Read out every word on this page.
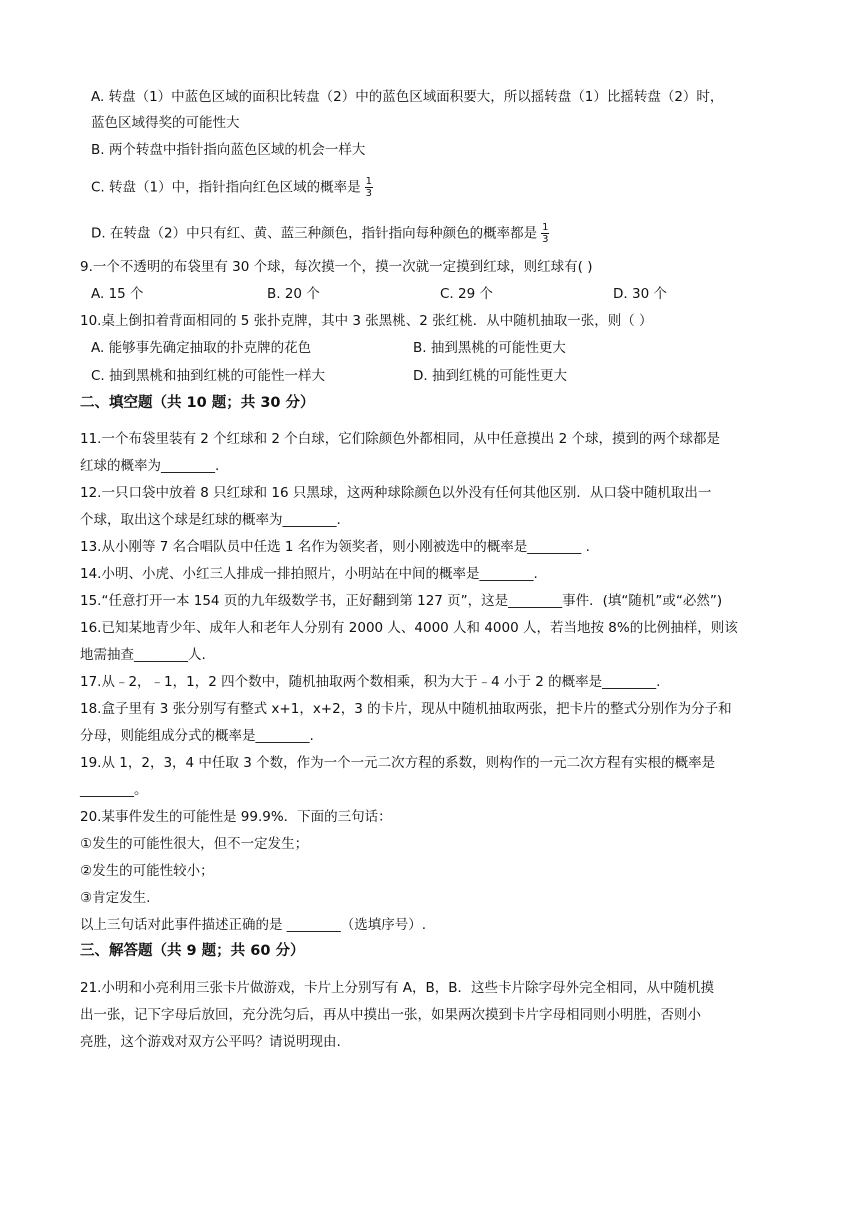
A. 转盘（1）中蓝色区域的面积比转盘（2）中的蓝色区域面积要大，所以摇转盘（1）比摇转盘（2）时，
蓝色区域得奖的可能性大
B. 两个转盘中指针指向蓝色区域的机会一样大
C. 转盘（1）中，指针指向红色区域的概率是 $\frac{1}{3}$
D. 在转盘（2）中只有红、黄、蓝三种颜色，指针指向每种颜色的概率都是 $\frac{1}{3}$
9.一个不透明的布袋里有 30 个球，每次摸一个，摸一次就一定摸到红球，则红球有( )
A. 15 个	B. 20 个	C. 29 个	D. 30 个
10.桌上倒扣着背面相同的 5 张扑克牌，其中 3 张黑桃、2 张红桃．从中随机抽取一张，则（ ）
A. 能够事先确定抽取的扑克牌的花色	B. 抽到黑桃的可能性更大
C. 抽到黑桃和抽到红桃的可能性一样大	D. 抽到红桃的可能性更大
二、填空题（共 10 题；共 30 分）
11.一个布袋里装有 2 个红球和 2 个白球，它们除颜色外都相同，从中任意摸出 2 个球，摸到的两个球都是
红球的概率为________.
12.一只口袋中放着 8 只红球和 16 只黑球，这两种球除颜色以外没有任何其他区别．从口袋中随机取出一
个球，取出这个球是红球的概率为________.
13.从小刚等 7 名合唱队员中任选 1 名作为领奖者，则小刚被选中的概率是________ .
14.小明、小虎、小红三人排成一排拍照片，小明站在中间的概率是________.
15.“任意打开一本 154 页的九年级数学书，正好翻到第 127 页”，这是________事件．(填“随机”或“必然”)
16.已知某地青少年、成年人和老年人分别有 2000 人、4000 人和 4000 人，若当地按 8%的比例抽样，则该
地需抽查________人.
17.从﹣2，﹣1，1，2 四个数中，随机抽取两个数相乘，积为大于﹣4 小于 2 的概率是________.
18.盒子里有 3 张分别写有整式 x+1，x+2，3 的卡片，现从中随机抽取两张，把卡片的整式分别作为分子和
分母，则能组成分式的概率是________.
19.从 1，2，3，4 中任取 3 个数，作为一个一元二次方程的系数，则构作的一元二次方程有实根的概率是
________。
20.某事件发生的可能性是 99.9%．下面的三句话：
①发生的可能性很大，但不一定发生；
②发生的可能性较小；
③肯定发生.
以上三句话对此事件描述正确的是 ________（选填序号）.
三、解答题（共 9 题；共 60 分）
21.小明和小亮利用三张卡片做游戏，卡片上分别写有 A，B，B．这些卡片除字母外完全相同，从中随机摸
出一张，记下字母后放回，充分洗匀后，再从中摸出一张，如果两次摸到卡片字母相同则小明胜，否则小
亮胜，这个游戏对双方公平吗？请说明现由.
